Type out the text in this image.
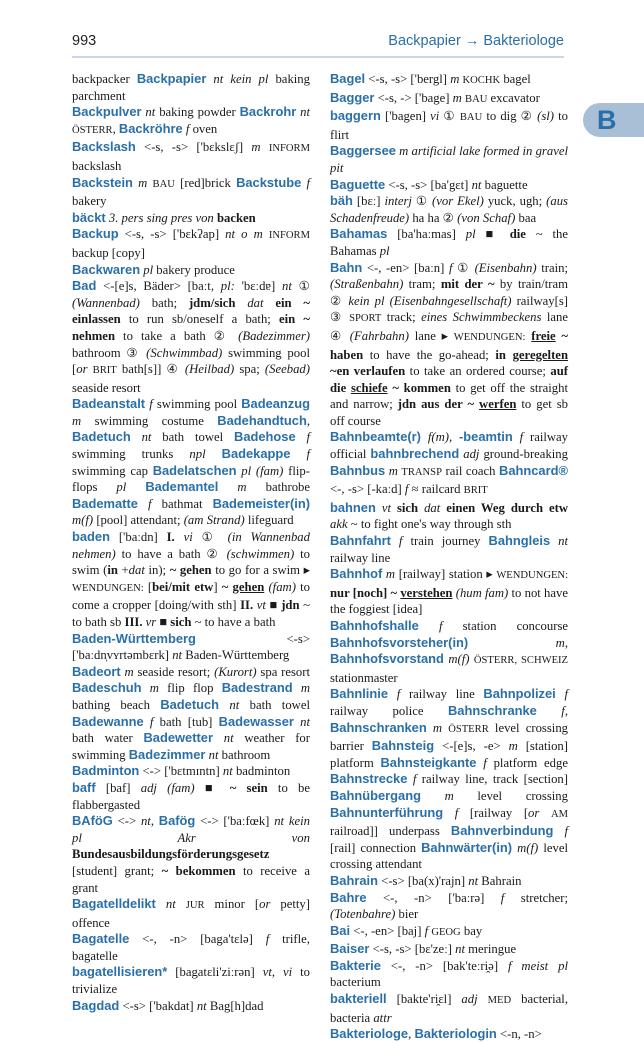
993	Backpapier → Bakteriologe
B

backpacker Backpapier nt kein pl baking parchment

Backpulver nt baking powder Backrohr nt ÖSTERR, Backröhre f oven

Backslash <-s, -s> ['bɛkslɛʃ] m INFORM backslash

Backstein m BAU [red]brick Backstube f bakery

bäckt 3. pers sing pres von backen

Backup <-s, -s> ['bɛkʔap] nt o m INFORM backup [copy]

Backwaren pl bakery produce

Bad <-[e]s, Bäder> [baːt, pl: 'bɛːdɐ] nt ① (Wannenbad) bath; jdm/sich dat ein ~ einlassen to run sb/oneself a bath; ein ~ nehmen to take a bath ② (Badezimmer) bathroom ③ (Schwimmbad) swimming pool [or BRIT bath[s]] ④ (Heilbad) spa; (Seebad) seaside resort

Badeanstalt f swimming pool Badeanzug m swimming costume Badehandtuch, Badetuch nt bath towel Badehose f swimming trunks npl Badekappe f swimming cap Badelatschen pl (fam) flip-flops pl Bademantel m bathrobe Badematte f bathmat Bademeister(in) m(f) [pool] attendant; (am Strand) lifeguard

baden ['baːdn] I. vi ① (in Wannenbad nehmen) to have a bath ② (schwimmen) to swim (in +dat in); ~ gehen to go for a swim ▸ WENDUNGEN: [bei/mit etw] ~ gehen (fam) to come a cropper [doing/with sth] II. vt ■ jdn ~ to bath sb III. vr ■ sich ~ to have a bath

Baden-Württemberg <-s> ['baːdn̩vʏrtəmbɛrk] nt Baden-Württemberg

Badeort m seaside resort; (Kurort) spa resort Badeschuh m flip flop Badestrand m bathing beach Badetuch nt bath towel Badewanne f bath [tub] Badewasser nt bath water Badewetter nt weather for swimming Badezimmer nt bathroom

Badminton <-> ['bɛtmɪntn] nt badminton

baff [baf] adj (fam) ■ ~ sein to be flabbergasted

BAföG <-> nt, Bafög <-> ['baːfœk] nt kein pl Akr von Bundesausbildungsförderungsgesetz [student] grant; ~ bekommen to receive a grant

Bagatelldelikt nt JUR minor [or petty] offence

Bagatelle <-, -n> [baga'tɛlə] f trifle, bagatelle

bagatellisieren* [bagatɛli'ziːrən] vt, vi to trivialize

Bagdad <-s> ['bakdat] nt Bag[h]dad

Bagel <-s, -s> ['bergl] m KOCHK bagel

Bagger <-s, -> ['bage] m BAU excavator

baggern ['bagen] vi ① BAU to dig ② (sl) to flirt

Baggersee m artificial lake formed in gravel pit

Baguette <-s, -s> [ba'gɛt] nt baguette

bäh [bɛː] interj ① (vor Ekel) yuck, ugh; (aus Schadenfreude) ha ha ② (von Schaf) baa

Bahamas [ba'haːmas] pl ■ die ~ the Bahamas pl

Bahn <-, -en> [baːn] f ① (Eisenbahn) train; (Straßenbahn) tram; mit der ~ by train/tram ② kein pl (Eisenbahngesellschaft) railway[s] ③ SPORT track; eines Schwimmbeckens lane ④ (Fahrbahn) lane ▸ WENDUNGEN: freie ~ haben to have the go-ahead; in geregelten ~en verlaufen to take an ordered course; auf die schiefe ~ kommen to get off the straight and narrow; jdn aus der ~ werfen to get sb off course

Bahnbeamte(r) f(m), -beamtin f railway official bahnbrechend adj ground-breaking Bahnbus m TRANSP rail coach Bahncard® <-, -s> [-kaːd] f ≈ railcard BRIT

bahnen vt sich dat einen Weg durch etw akk ~ to fight one's way through sth

Bahnfahrt f train journey Bahngleis nt railway line

Bahnhof m [railway] station ▸ WENDUNGEN: nur [noch] ~ verstehen (hum fam) to not have the foggiest [idea]

Bahnhofshalle f station concourse Bahnhofsvorsteher(in)	m, Bahnhofsvorstand m(f) ÖSTERR, SCHWEIZ stationmaster

Bahnlinie f railway line Bahnpolizei f railway police Bahnschranke f, Bahnschranken m ÖSTERR level crossing barrier Bahnsteig <-[e]s, -e> m [station] platform Bahnsteigkante f platform edge Bahnstrecke f railway line, track [section] Bahnübergang m level crossing Bahnunterführung f [railway [or AM railroad]] underpass Bahnverbindung f [rail] connection Bahnwärter(in) m(f) level crossing attendant

Bahrain <-s> [ba(x)'rajn] nt Bahrain

Bahre <-, -n> ['baːrə] f stretcher; (Totenbahre) bier

Bai <-, -en> [baj] f GEOG bay

Baiser <-s, -s> [bɛ'zeː] nt meringue

Bakterie <-, -n> [bak'teːri̯ə] f meist pl bacterium

bakteriell [bakte'ri̯ɛl] adj MED bacterial, bacteria attr

Bakteriologe, Bakteriologin <-n, -n>
